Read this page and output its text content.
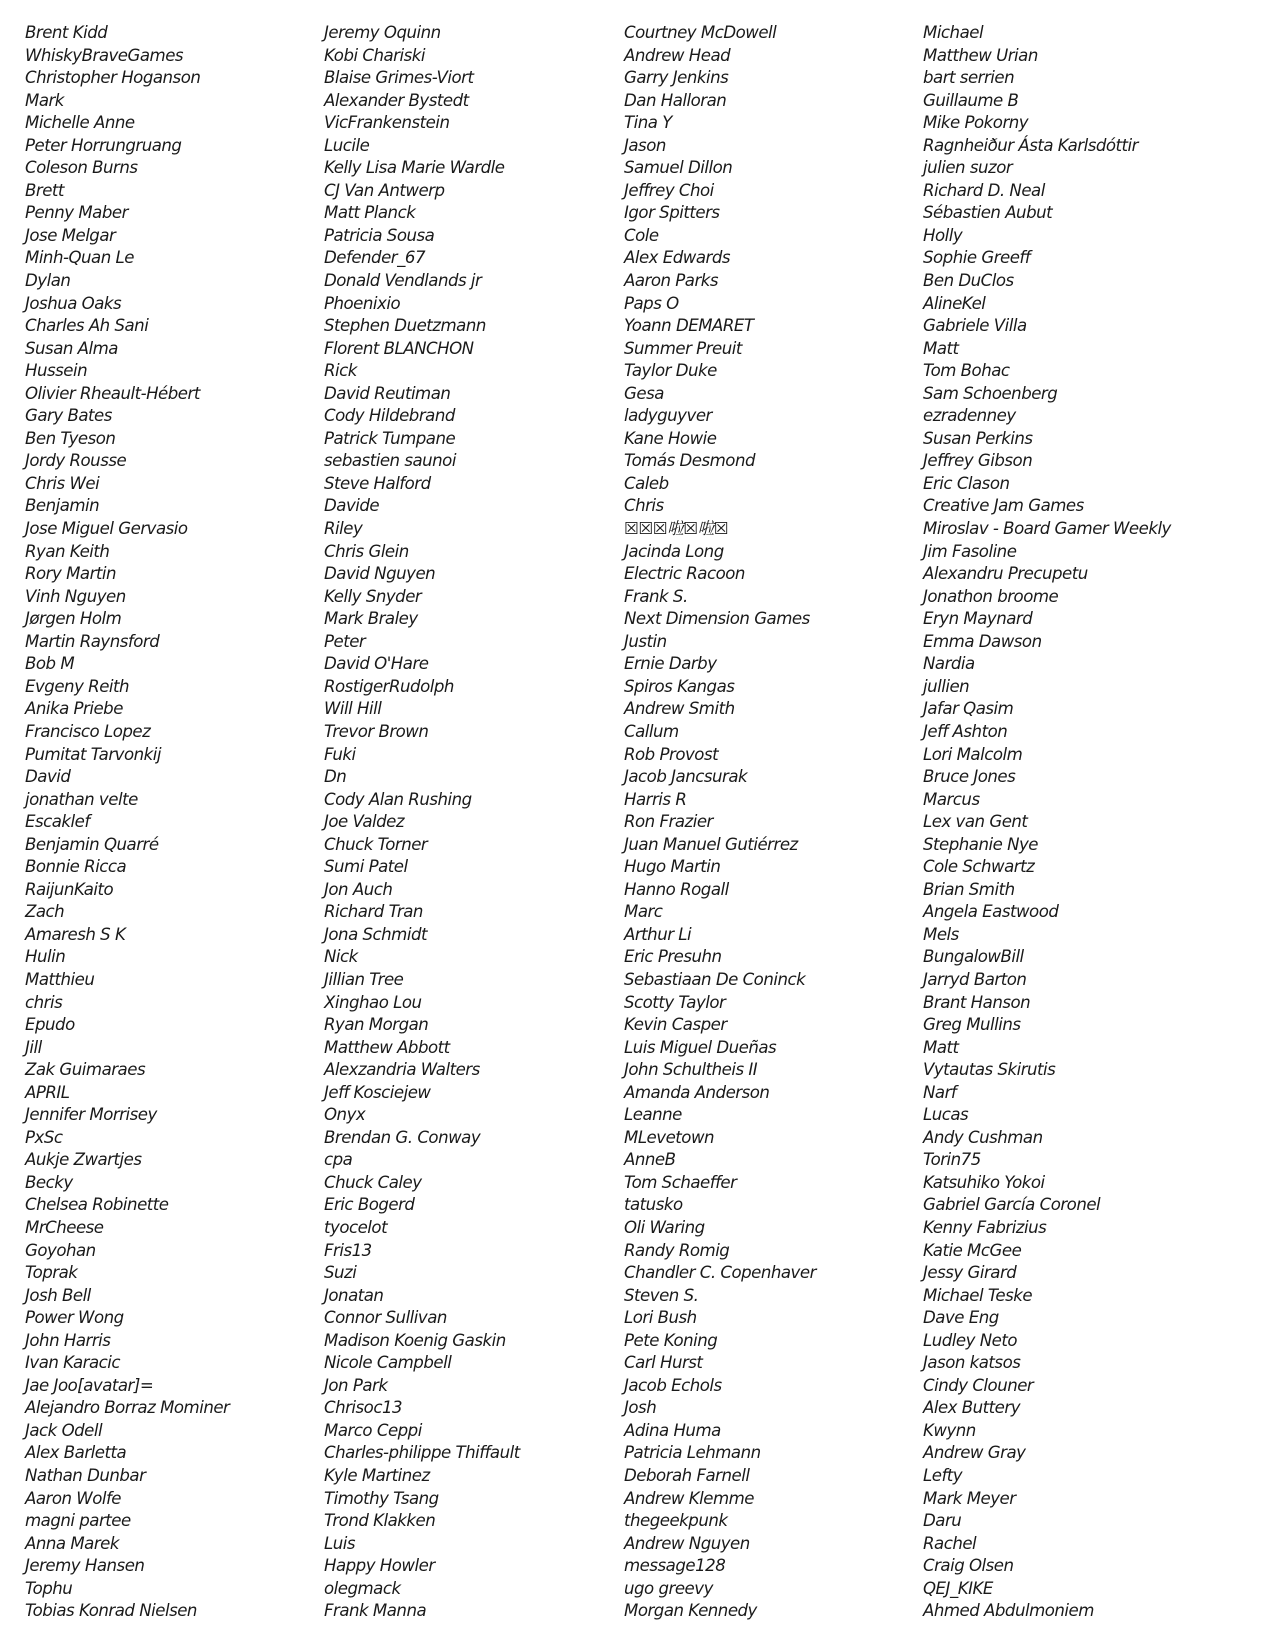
Brent Kidd
WhiskyBraveGames
Christopher Hoganson
Mark
Michelle Anne
Peter Horrungruang
Coleson Burns
Brett
Penny Maber
Jose Melgar
Minh-Quan Le
Dylan
Joshua Oaks
Charles Ah Sani
Susan Alma
Hussein
Olivier Rheault-Hébert
Gary Bates
Ben Tyeson
Jordy Rousse
Chris Wei
Benjamin
Jose Miguel Gervasio
Ryan Keith
Rory Martin
Vinh Nguyen
Jørgen Holm
Martin Raynsford
Bob M
Evgeny Reith
Anika Priebe
Francisco Lopez
Pumitat Tarvonkij
David
jonathan velte
Escaklef
Benjamin Quarré
Bonnie Ricca
RaijunKaito
Zach
Amaresh S K
Hulin
Matthieu
chris
Epudo
Jill
Zak Guimaraes
APRIL
Jennifer Morrisey
PxSc
Aukje Zwartjes
Becky
Chelsea Robinette
MrCheese
Goyohan
Toprak
Josh Bell
Power Wong
John Harris
Ivan Karacic
Jae Joo[avatar]=
Alejandro Borraz Mominer
Jack Odell
Alex Barletta
Nathan Dunbar
Aaron Wolfe
magni partee
Anna Marek
Jeremy Hansen
Tophu
Tobias Konrad Nielsen
Jeremy Oquinn
Kobi Chariski
Blaise Grimes-Viort
Alexander Bystedt
VicFrankenstein
Lucile
Kelly Lisa Marie Wardle
CJ Van Antwerp
Matt Planck
Patricia Sousa
Defender_67
Donald Vendlands jr
Phoenixio
Stephen Duetzmann
Florent BLANCHON
Rick
David Reutiman
Cody Hildebrand
Patrick Tumpane
sebastien saunoi
Steve Halford
Davide
Riley
Chris Glein
David Nguyen
Kelly Snyder
Mark Braley
Peter
David O'Hare
RostigerRudolph
Will Hill
Trevor Brown
Fuki
Dn
Cody Alan Rushing
Joe Valdez
Chuck Torner
Sumi Patel
Jon Auch
Richard Tran
Jona Schmidt
Nick
Jillian Tree
Xinghao Lou
Ryan Morgan
Matthew Abbott
Alexzandria Walters
Jeff Kosciejew
Onyx
Brendan G. Conway
cpa
Chuck Caley
Eric Bogerd
tyocelot
Fris13
Suzi
Jonatan
Connor Sullivan
Madison Koenig Gaskin
Nicole Campbell
Jon Park
Chrisoc13
Marco Ceppi
Charles-philippe Thiffault
Kyle Martinez
Timothy Tsang
Trond Klakken
Luis
Happy Howler
olegmack
Frank Manna
Courtney McDowell
Andrew Head
Garry Jenkins
Dan Halloran
Tina Y
Jason
Samuel Dillon
Jeffrey Choi
Igor Spitters
Cole
Alex Edwards
Aaron Parks
Paps O
Yoann DEMARET
Summer Preuit
Taylor Duke
Gesa
ladyguyver
Kane Howie
Tomás Desmond
Caleb
Chris
☒☒☒啦☒啦☒
Jacinda Long
Electric Racoon
Frank S.
Next Dimension Games
Justin
Ernie Darby
Spiros Kangas
Andrew Smith
Callum
Rob Provost
Jacob Jancsurak
Harris R
Ron Frazier
Juan Manuel Gutiérrez
Hugo Martin
Hanno Rogall
Marc
Arthur Li
Eric Presuhn
Sebastiaan De Coninck
Scotty Taylor
Kevin Casper
Luis Miguel Dueñas
John Schultheis II
Amanda Anderson
Leanne
MLevetown
AnneB
Tom Schaeffer
tatusko
Oli Waring
Randy Romig
Chandler C. Copenhaver
Steven S.
Lori Bush
Pete Koning
Carl Hurst
Jacob Echols
Josh
Adina Huma
Patricia Lehmann
Deborah Farnell
Andrew Klemme
thegeekpunk
Andrew Nguyen
message128
ugo greevy
Morgan Kennedy
Michael
Matthew Urian
bart serrien
Guillaume B
Mike Pokorny
Ragnheiður Ásta Karlsdóttir
julien suzor
Richard D. Neal
Sébastien Aubut
Holly
Sophie Greeff
Ben DuClos
AlineKel
Gabriele Villa
Matt
Tom Bohac
Sam Schoenberg
ezradenney
Susan Perkins
Jeffrey Gibson
Eric Clason
Creative Jam Games
Miroslav - Board Gamer Weekly
Jim Fasoline
Alexandru Precupetu
Jonathon broome
Eryn Maynard
Emma Dawson
Nardia
jullien
Jafar Qasim
Jeff Ashton
Lori Malcolm
Bruce Jones
Marcus
Lex van Gent
Stephanie Nye
Cole Schwartz
Brian Smith
Angela Eastwood
Mels
BungalowBill
Jarryd Barton
Brant Hanson
Greg Mullins
Matt
Vytautas Skirutis
Narf
Lucas
Andy Cushman
Torin75
Katsuhiko Yokoi
Gabriel García Coronel
Kenny Fabrizius
Katie McGee
Jessy Girard
Michael Teske
Dave Eng
Ludley Neto
Jason katsos
Cindy Clouner
Alex Buttery
Kwynn
Andrew Gray
Lefty
Mark Meyer
Daru
Rachel
Craig Olsen
QEJ_KIKE
Ahmed Abdulmoniem
